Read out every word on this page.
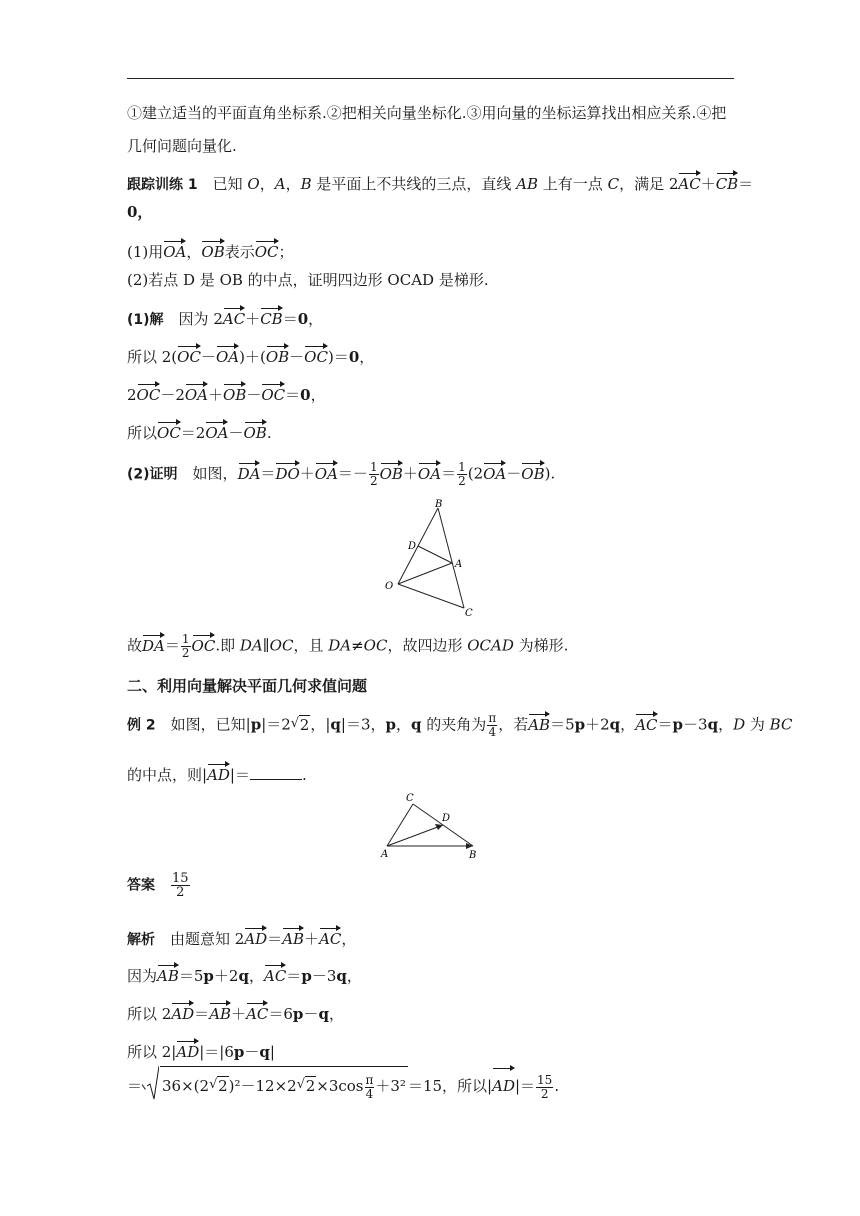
①建立适当的平面直角坐标系.②把相关向量坐标化.③用向量的坐标运算找出相应关系.④把
几何问题向量化.
跟踪训练 1　已知 O，A，B 是平面上不共线的三点，直线 AB 上有一点 C，满足 2AC＋CB＝
0，
(1)用OA，OB表示OC；
(2)若点 D 是 OB 的中点，证明四边形 OCAD 是梯形.
(1)解　因为 2AC＋CB＝0，
所以 2(OC－OA)＋(OB－OC)＝0，
2OC－2OA＋OB－OC＝0，
所以OC＝2OA－OB.
(2)证明　如图，$DA=DO+OA=- \frac{1}{2} OB+OA= \frac{1}{2} (2OA-OB)$.
B
D
A
O
C
故$DA= \frac{1}{2}$ OC.即 DA∥OC，且 DA≠OC，故四边形 OCAD 为梯形.
二、利用向量解决平面几何求值问题
例 2　如图，已知|p|＝2 √ 2，|q|＝3，p，q 的夹角为 $\frac{\pi}{4}$ ，若AB＝5p＋2q，AC＝p－3q，D 为 BC
的中点，则|AD|＝	.
C
D
A	B
答案　 $\frac{15}{2}$
解析　由题意知 2AD＝AB＋AC，
因为AB＝5p＋2q，AC＝p－3q，
所以 2AD＝AB＋AC＝6p－q，
所以 2|AD|＝|6p－q|
＝ 36×(2 √ 2)²－12×2 √ $2\times 3\cos \frac{\pi}{4} +3^2 =15$，所以$|AD|= \frac{15}{2}$ .
